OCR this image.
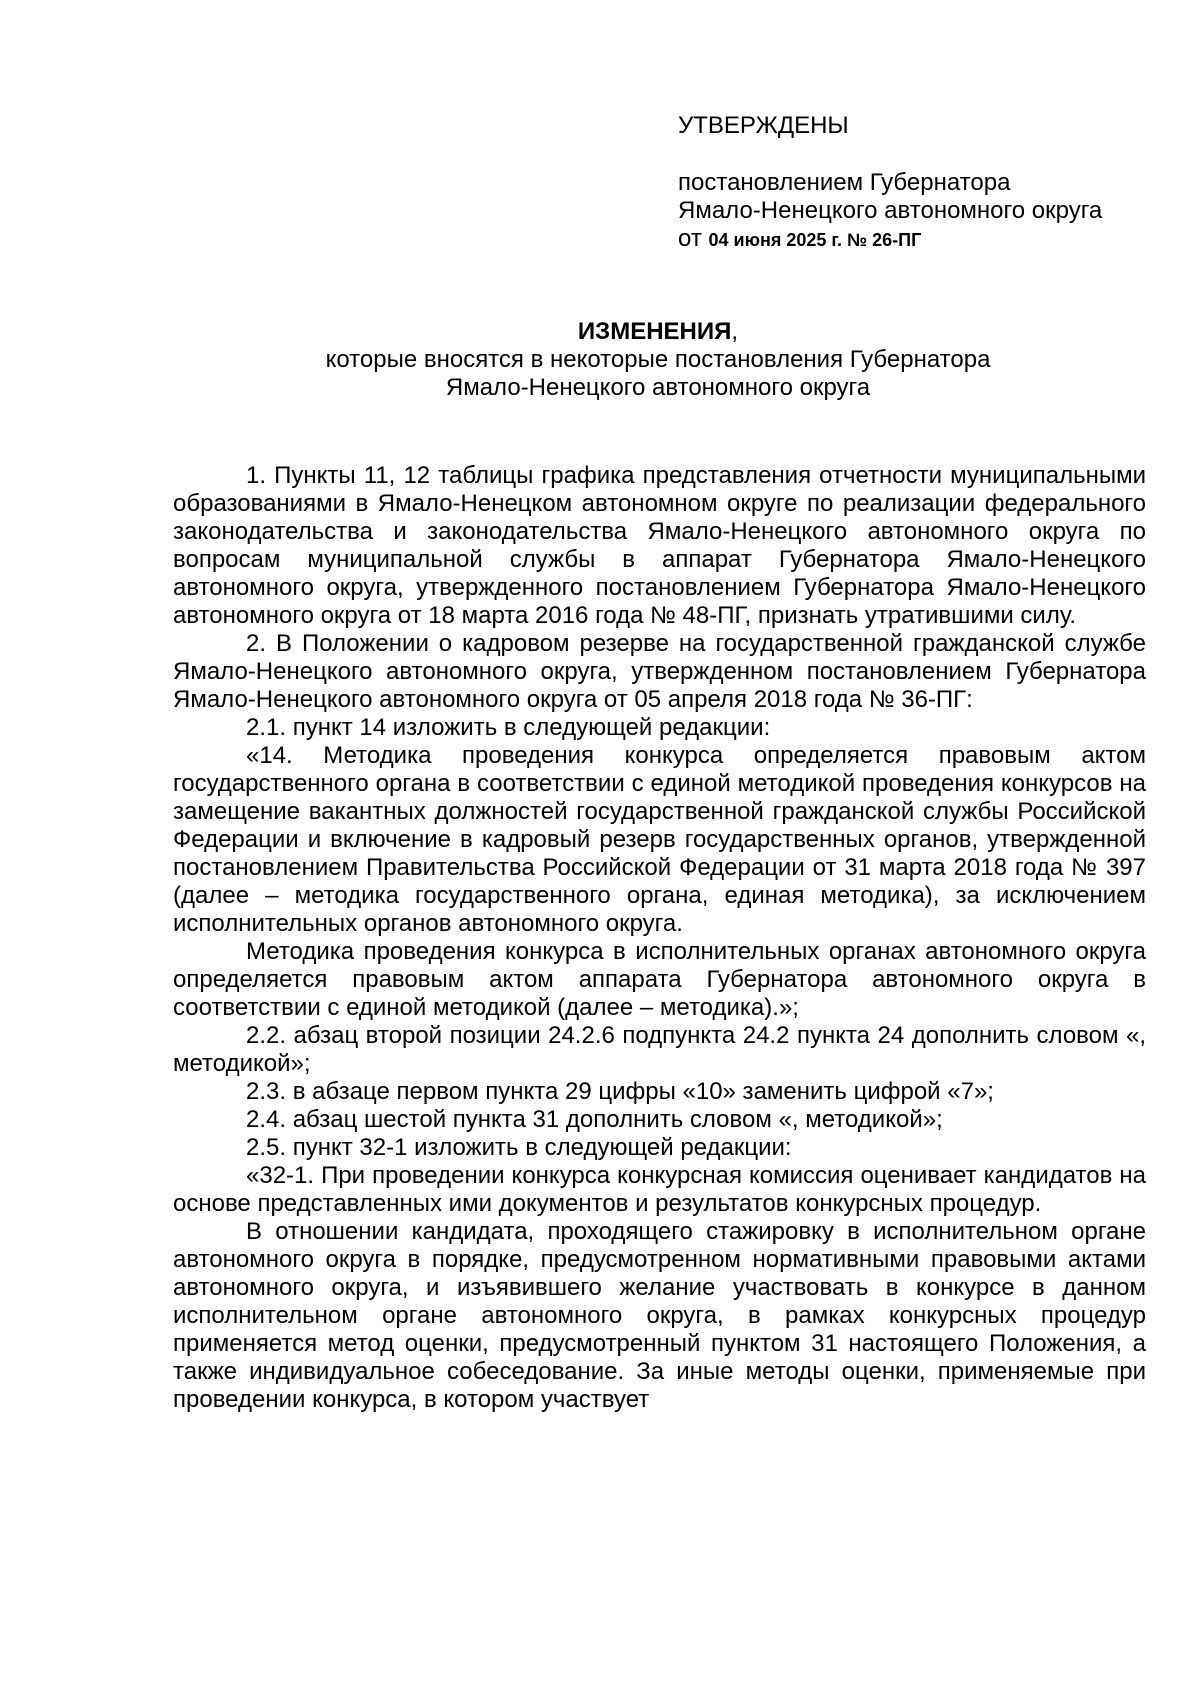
УТВЕРЖДЕНЫ

постановлением Губернатора

Ямало-Ненецкого автономного округа

от 04 июня 2025 г. № 26-ПГ

ИЗМЕНЕНИЯ,

которые вносятся в некоторые постановления Губернатора

Ямало-Ненецкого автономного округа

1. Пункты 11, 12 таблицы графика представления отчетности муниципальными образованиями в Ямало-Ненецком автономном округе по реализации федерального законодательства и законодательства Ямало-Ненецкого автономного округа по вопросам муниципальной службы в аппарат Губернатора Ямало-Ненецкого автономного округа, утвержденного постановлением Губернатора Ямало-Ненецкого автономного округа от 18 марта 2016 года № 48-ПГ, признать утратившими силу.

2. В Положении о кадровом резерве на государственной гражданской службе Ямало-Ненецкого автономного округа, утвержденном постановлением Губернатора Ямало-Ненецкого автономного округа от 05 апреля 2018 года № 36-ПГ:

2.1. пункт 14 изложить в следующей редакции:

«14. Методика проведения конкурса определяется правовым актом государственного органа в соответствии с единой методикой проведения конкурсов на замещение вакантных должностей государственной гражданской службы Российской Федерации и включение в кадровый резерв государственных органов, утвержденной постановлением Правительства Российской Федерации от 31 марта 2018 года № 397 (далее – методика государственного органа, единая методика), за исключением исполнительных органов автономного округа.

Методика проведения конкурса в исполнительных органах автономного округа определяется правовым актом аппарата Губернатора автономного округа в соответствии с единой методикой (далее – методика).»;

2.2. абзац второй позиции 24.2.6 подпункта 24.2 пункта 24 дополнить словом «, методикой»;

2.3. в абзаце первом пункта 29 цифры «10» заменить цифрой «7»;

2.4. абзац шестой пункта 31 дополнить словом «, методикой»;

2.5. пункт 32-1 изложить в следующей редакции:

«32-1. При проведении конкурса конкурсная комиссия оценивает кандидатов на основе представленных ими документов и результатов конкурсных процедур.

В отношении кандидата, проходящего стажировку в исполнительном органе автономного округа в порядке, предусмотренном нормативными правовыми актами автономного округа, и изъявившего желание участвовать в конкурсе в данном исполнительном органе автономного округа, в рамках конкурсных процедур применяется метод оценки, предусмотренный пунктом 31 настоящего Положения, а также индивидуальное собеседование. За иные методы оценки, применяемые при проведении конкурса, в котором участвует
